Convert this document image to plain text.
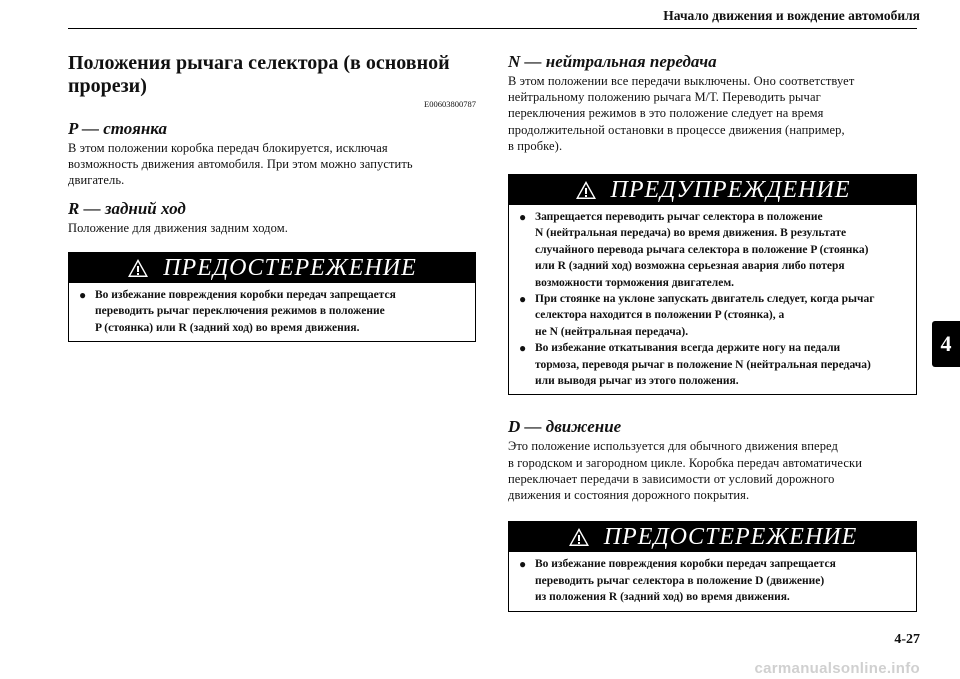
Начало движения и вождение автомобиля
4
Положения рычага селектора (в основной
прорези)
E00603800787
P — стоянка

В этом положении коробка передач блокируется, исключая
возможность движения автомобиля. При этом можно запустить
двигатель.

R — задний ход

Положение для движения задним ходом.

ПРЕДОСТЕРЕЖЕНИЕ
● Во избежание повреждения коробки передач запрещается
переводить рычаг переключения режимов в положение
P (стоянка) или R (задний ход) во время движения.
N — нейтральная передача

В этом положении все передачи выключены. Оно соответствует
нейтральному положению рычага М/Т. Переводить рычаг
переключения режимов в это положение следует на время
продолжительной остановки в процессе движения (например,
в пробке).

ПРЕДУПРЕЖДЕНИЕ
● Запрещается переводить рычаг селектора в положение
N (нейтральная передача) во время движения. В результате
случайного перевода рычага селектора в положение P (стоянка)
или R (задний ход) возможна серьезная авария либо потеря
возможности торможения двигателем.
● При стоянке на уклоне запускать двигатель следует, когда рычаг
селектора находится в положении P (стоянка), а
не N (нейтральная передача).
● Во избежание откатывания всегда держите ногу на педали
тормоза, переводя рычаг в положение N (нейтральная передача)
или выводя рычаг из этого положения.
D — движение

Это положение используется для обычного движения вперед
в городском и загородном цикле. Коробка передач автоматически
переключает передачи в зависимости от условий дорожного
движения и состояния дорожного покрытия.

ПРЕДОСТЕРЕЖЕНИЕ
● Во избежание повреждения коробки передач запрещается
переводить рычаг селектора в положение D (движение)
из положения R (задний ход) во время движения.
4-27
carmanualsonline.info
